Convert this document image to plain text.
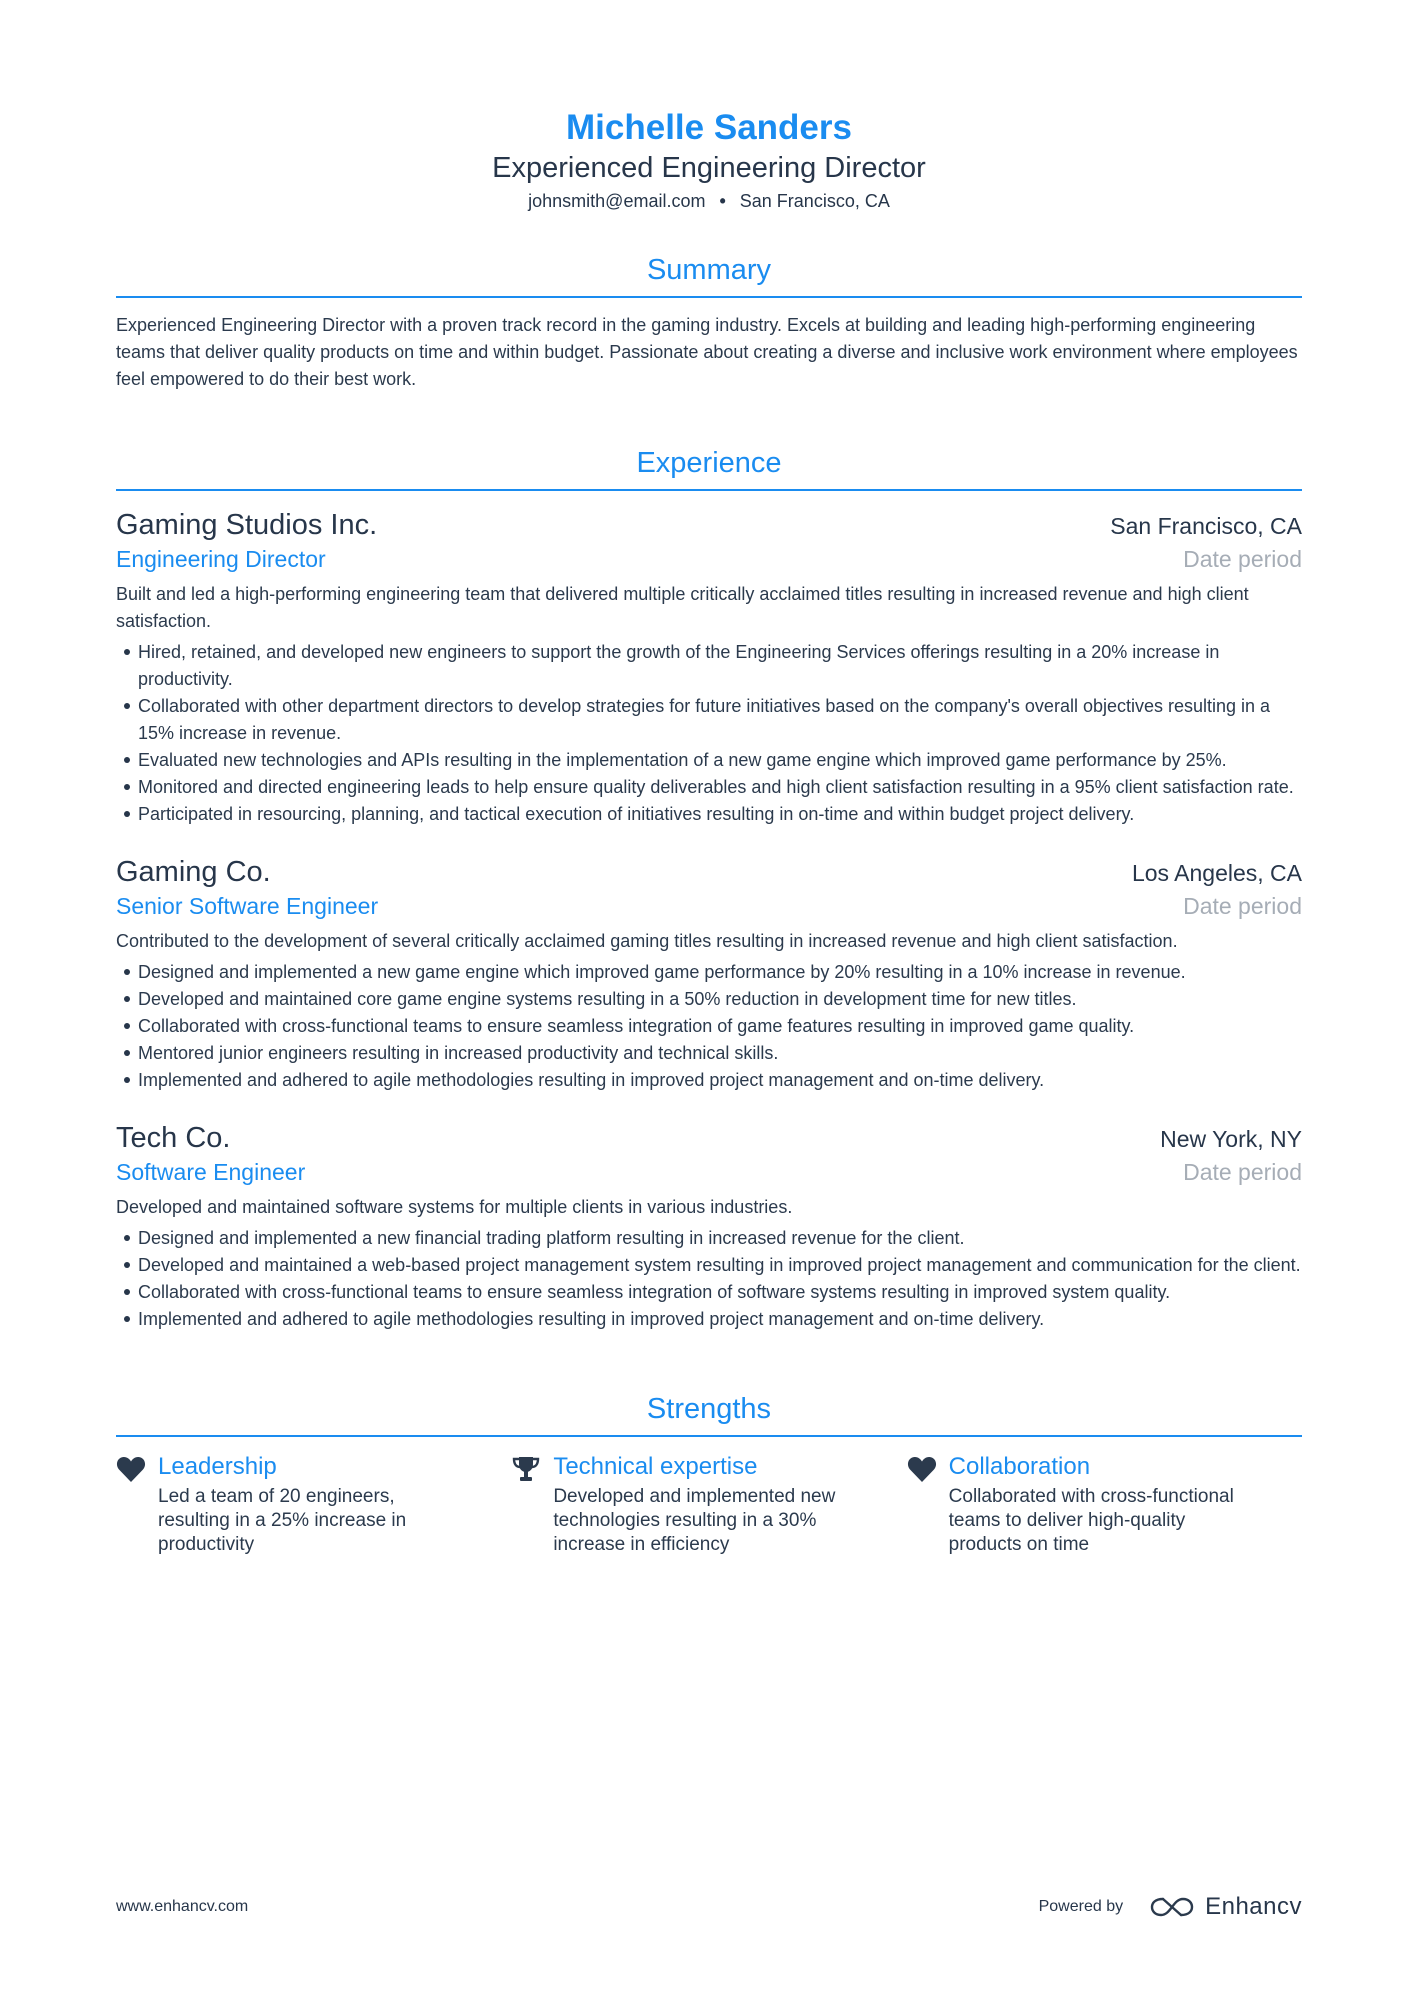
Michelle Sanders
Experienced Engineering Director
johnsmith@email.com • San Francisco, CA
Summary

Experienced Engineering Director with a proven track record in the gaming industry. Excels at building and leading high-performing engineering teams that deliver quality products on time and within budget. Passionate about creating a diverse and inclusive work environment where employees feel empowered to do their best work.

Experience
Gaming Studios Inc.	San Francisco, CA
Engineering Director	Date period

Built and led a high-performing engineering team that delivered multiple critically acclaimed titles resulting in increased revenue and high client satisfaction.

Hired, retained, and developed new engineers to support the growth of the Engineering Services offerings resulting in a 20% increase in productivity.
Collaborated with other department directors to develop strategies for future initiatives based on the company's overall objectives resulting in a 15% increase in revenue.
Evaluated new technologies and APIs resulting in the implementation of a new game engine which improved game performance by 25%.
Monitored and directed engineering leads to help ensure quality deliverables and high client satisfaction resulting in a 95% client satisfaction rate.
Participated in resourcing, planning, and tactical execution of initiatives resulting in on-time and within budget project delivery.
Gaming Co.	Los Angeles, CA
Senior Software Engineer	Date period

Contributed to the development of several critically acclaimed gaming titles resulting in increased revenue and high client satisfaction.

Designed and implemented a new game engine which improved game performance by 20% resulting in a 10% increase in revenue.
Developed and maintained core game engine systems resulting in a 50% reduction in development time for new titles.
Collaborated with cross-functional teams to ensure seamless integration of game features resulting in improved game quality.
Mentored junior engineers resulting in increased productivity and technical skills.
Implemented and adhered to agile methodologies resulting in improved project management and on-time delivery.
Tech Co.	New York, NY
Software Engineer	Date period

Developed and maintained software systems for multiple clients in various industries.

Designed and implemented a new financial trading platform resulting in increased revenue for the client.
Developed and maintained a web-based project management system resulting in improved project management and communication for the client.
Collaborated with cross-functional teams to ensure seamless integration of software systems resulting in improved system quality.
Implemented and adhered to agile methodologies resulting in improved project management and on-time delivery.
Strengths
Leadership
Led a team of 20 engineers, resulting in a 25% increase in productivity
Technical expertise
Developed and implemented new technologies resulting in a 30% increase in efficiency
Collaboration
Collaborated with cross-functional teams to deliver high-quality products on time
www.enhancv.com	Powered by	Enhancv
